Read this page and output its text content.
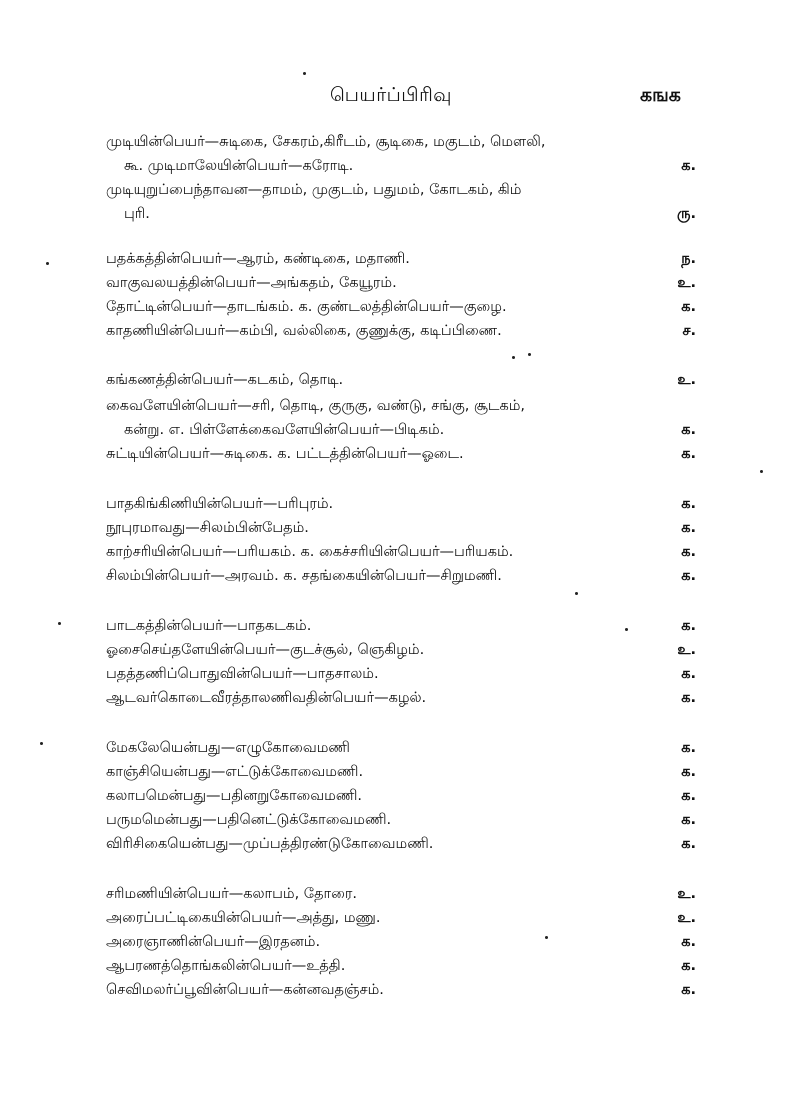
பெயர்ப்பிரிவு	கஙக
முடியின்பெயர்—சுடிகை, சேகரம்,கிரீடம், சூடிகை, மகுடம், மௌலி,
கூ. முடிமாலேயின்பெயர்—கரோடி.	க.
முடியுறுப்பைந்தாவன—தாமம், முகுடம், பதுமம், கோடகம், கிம்
புரி.	ரு.
பதக்கத்தின்பெயர்—ஆரம், கண்டிகை, மதாணி.	ந.
வாகுவலயத்தின்பெயர்—அங்கதம், கேயூரம்.	உ.
தோட்டின்பெயர்—தாடங்கம். க. குண்டலத்தின்பெயர்—குழை.	க.
காதணியின்பெயர்—கம்பி, வல்லிகை, குணுக்கு, கடிப்பிணை.	ச.
கங்கணத்தின்பெயர்—கடகம், தொடி.	உ.
கைவளேயின்பெயர்—சரி, தொடி, குருகு, வண்டு, சங்கு, சூடகம்,
கன்று. எ. பிள்ளேக்கைவளேயின்பெயர்—பிடிகம்.	க.
சுட்டியின்பெயர்—சுடிகை. க. பட்டத்தின்பெயர்—ஓடை.	க.
பாதகிங்கிணியின்பெயர்—பரிபுரம்.	க.
நூபுரமாவது—சிலம்பின்பேதம்.	க.
காற்சரியின்பெயர்—பரியகம். க. கைச்சரியின்பெயர்—பரியகம்.	க.
சிலம்பின்பெயர்—அரவம். க. சதங்கையின்பெயர்—சிறுமணி.	க.
பாடகத்தின்பெயர்—பாதகடகம்.	க.
ஓசைசெய்தளேயின்பெயர்—குடச்சூல், ஞெகிழம்.	உ.
பதத்தணிப்பொதுவின்பெயர்—பாதசாலம்.	க.
ஆடவர்கொடைவீரத்தாலணிவதின்பெயர்—கழல்.	க.
மேகலேயென்பது—எழுகோவைமணி	க.
காஞ்சியென்பது—எட்டுக்கோவைமணி.	க.
கலாபமென்பது—பதினறுகோவைமணி.	க.
பருமமென்பது—பதினெட்டுக்கோவைமணி.	க.
விரிசிகையென்பது—முப்பத்திரண்டுகோவைமணி.	க.
சரிமணியின்பெயர்—கலாபம், தோரை.	உ.
அரைப்பட்டிகையின்பெயர்—அத்து, மணு.	உ.
அரைஞாணின்பெயர்—இரதனம்.	க.
ஆபரணத்தொங்கலின்பெயர்—உத்தி.	க.
செவிமலர்ப்பூவின்பெயர்—கன்னவதஞ்சம்.	க.
